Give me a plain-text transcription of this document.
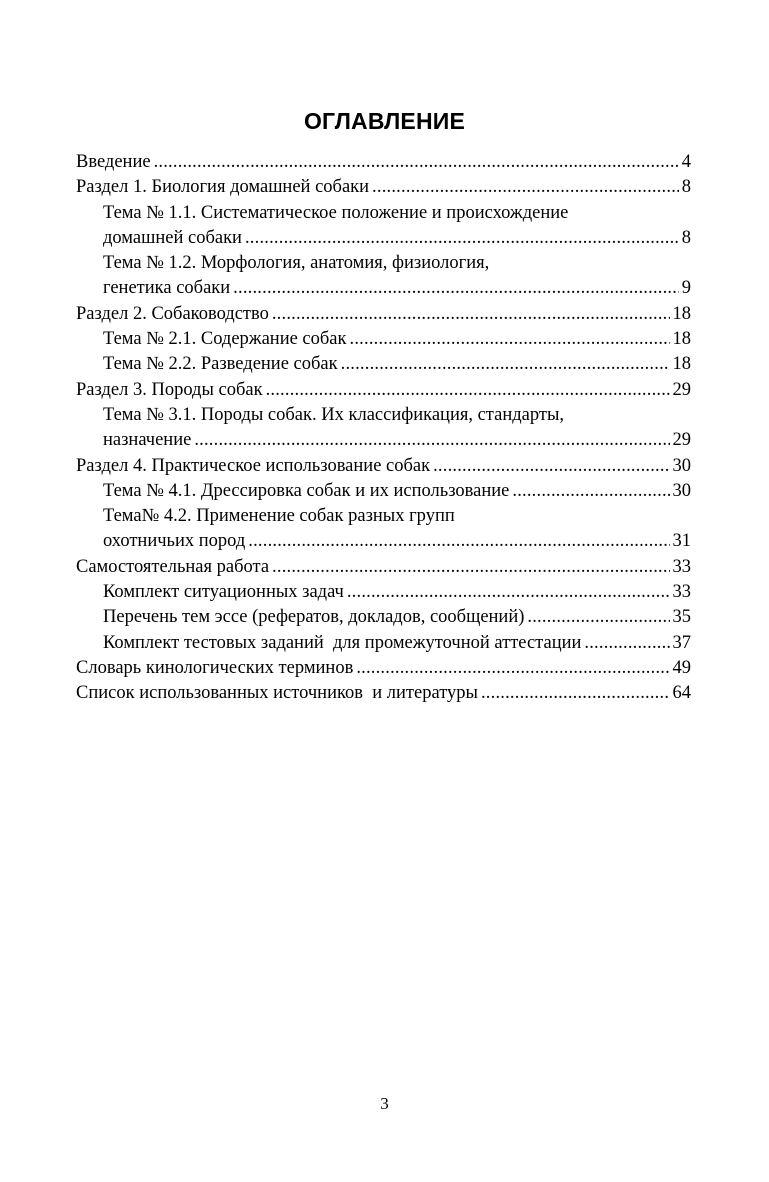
ОГЛАВЛЕНИЕ
Введение .....	4
Раздел 1. Биология домашней собаки .....	8
Тема № 1.1. Систематическое положение и происхождение
домашней собаки .....	8
Тема № 1.2. Морфология, анатомия, физиология,
генетика собаки .....	9
Раздел 2. Собаководство .....	18
Тема № 2.1. Содержание собак .....	18
Тема № 2.2. Разведение собак .....	18
Раздел 3. Породы собак .....	29
Тема № 3.1. Породы собак. Их классификация, стандарты,
назначение .....	29
Раздел 4. Практическое использование собак .....	30
Тема № 4.1. Дрессировка собак и их использование .....	30
Тема№ 4.2. Применение собак разных групп
охотничьих пород .....	31
Самостоятельная работа .....	33
Комплект ситуационных задач .....	33
Перечень тем эссе (рефератов, докладов, сообщений) .....	35
Комплект тестовых заданий  для промежуточной аттестации .....	37
Словарь кинологических терминов .....	49
Список использованных источников  и литературы .....	64
3
